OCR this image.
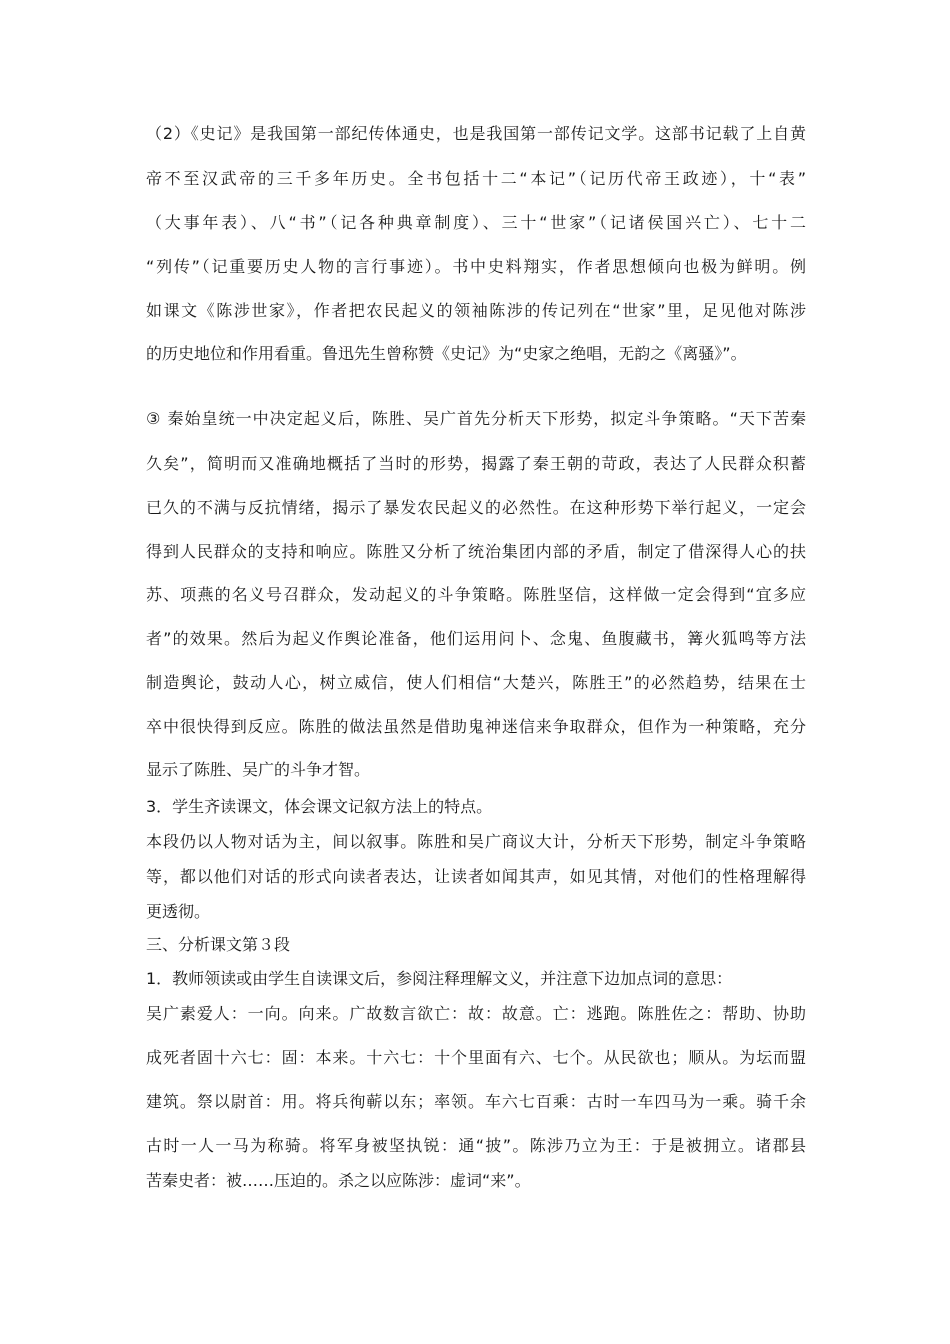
（2）《史记》是我国第一部纪传体通史，也是我国第一部传记文学。这部书记载了上自黄

帝不至汉武帝的三千多年历史。全书包括十二“本记”（记历代帝王政迹），十“表”

（大事年表）、八“书”（记各种典章制度）、三十“世家”（记诸侯国兴亡）、七十二

“列传”（记重要历史人物的言行事迹）。书中史料翔实，作者思想倾向也极为鲜明。例

如课文《陈涉世家》，作者把农民起义的领袖陈涉的传记列在“世家”里，足见他对陈涉

的历史地位和作用看重。鲁迅先生曾称赞《史记》为“史家之绝唱，无韵之《离骚》”。

③ 秦始皇统一中决定起义后，陈胜、吴广首先分析天下形势，拟定斗争策略。“天下苦秦

久矣”，简明而又准确地概括了当时的形势，揭露了秦王朝的苛政，表达了人民群众积蓄

已久的不满与反抗情绪，揭示了暴发农民起义的必然性。在这种形势下举行起义，一定会

得到人民群众的支持和响应。陈胜又分析了统治集团内部的矛盾，制定了借深得人心的扶

苏、项燕的名义号召群众，发动起义的斗争策略。陈胜坚信，这样做一定会得到“宜多应

者”的效果。然后为起义作舆论准备，他们运用问卜、念鬼、鱼腹藏书，篝火狐鸣等方法

制造舆论，鼓动人心，树立威信，使人们相信“大楚兴，陈胜王”的必然趋势，结果在士

卒中很快得到反应。陈胜的做法虽然是借助鬼神迷信来争取群众，但作为一种策略，充分

显示了陈胜、吴广的斗争才智。

3．学生齐读课文，体会课文记叙方法上的特点。

本段仍以人物对话为主，间以叙事。陈胜和吴广商议大计，分析天下形势，制定斗争策略

等，都以他们对话的形式向读者表达，让读者如闻其声，如见其情，对他们的性格理解得

更透彻。

三、分析课文第３段

1．教师领读或由学生自读课文后，参阅注释理解文义，并注意下边加点词的意思：

吴广素爱人：一向。向来。广故数言欲亡：故：故意。亡：逃跑。陈胜佐之：帮助、协助

成死者固十六七：固：本来。十六七：十个里面有六、七个。从民欲也；顺从。为坛而盟

建筑。祭以尉首：用。将兵徇蕲以东；率领。车六七百乘：古时一车四马为一乘。骑千余

古时一人一马为称骑。将军身被坚执锐：通“披”。陈涉乃立为王：于是被拥立。诸郡县

苦秦史者：被……压迫的。杀之以应陈涉：虚词“来”。
